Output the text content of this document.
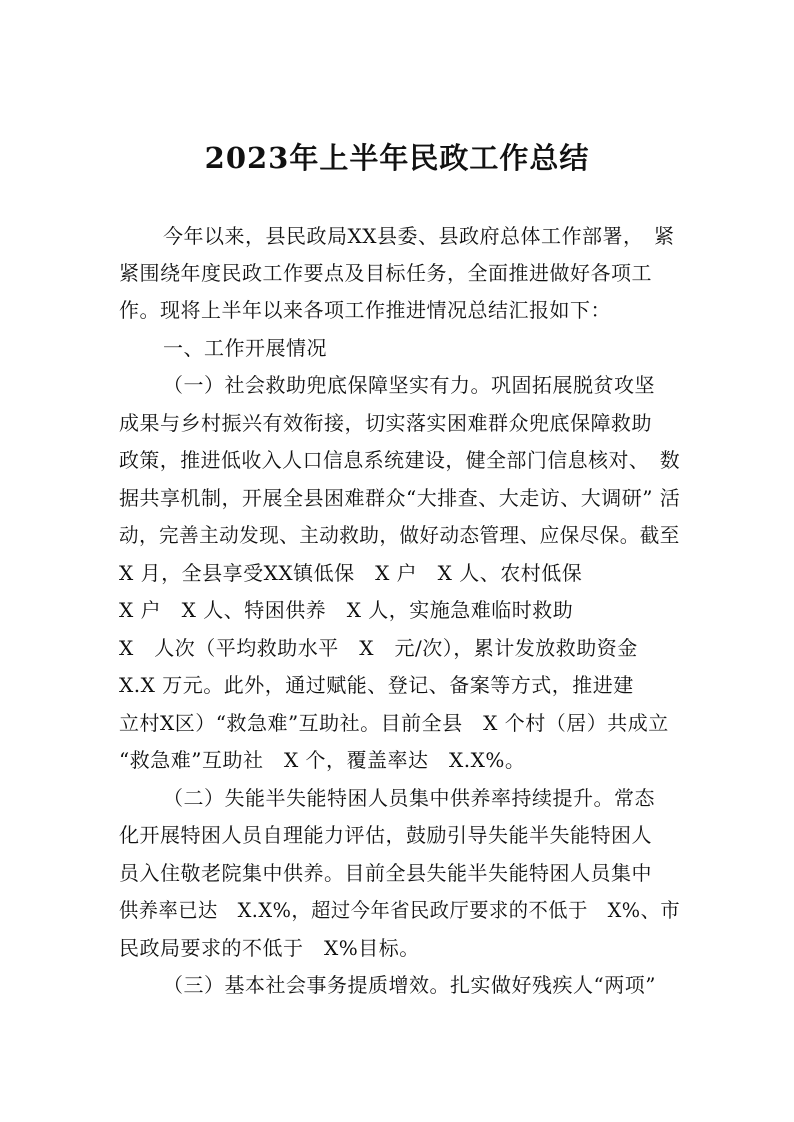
2023年上半年民政工作总结
今年以来，县民政局XX县委、县政府总体工作部署，　紧
紧围绕年度民政工作要点及目标任务，全面推进做好各项工
作。现将上半年以来各项工作推进情况总结汇报如下：
一、工作开展情况
（一）社会救助兜底保障坚实有力。巩固拓展脱贫攻坚
成果与乡村振兴有效衔接，切实落实困难群众兜底保障救助
政策，推进低收入人口信息系统建设，健全部门信息核对、　数
据共享机制，开展全县困难群众“大排查、大走访、大调研” 活
动，完善主动发现、主动救助，做好动态管理、应保尽保。截至
X 月，全县享受XX镇低保　X 户　X 人、农村低保
X 户　X 人、特困供养　X 人，实施急难临时救助
X　人次（平均救助水平　X　元/次），累计发放救助资金
X.X 万元。此外，通过赋能、登记、备案等方式，推进建
立村X区）“救急难”互助社。目前全县　X 个村（居）共成立
“救急难”互助社　X 个，覆盖率达　X.X%。
（二）失能半失能特困人员集中供养率持续提升。常态
化开展特困人员自理能力评估，鼓励引导失能半失能特困人
员入住敬老院集中供养。目前全县失能半失能特困人员集中
供养率已达　X.X%，超过今年省民政厅要求的不低于　X%、市
民政局要求的不低于　X%目标。
（三）基本社会事务提质增效。扎实做好残疾人“两项”
